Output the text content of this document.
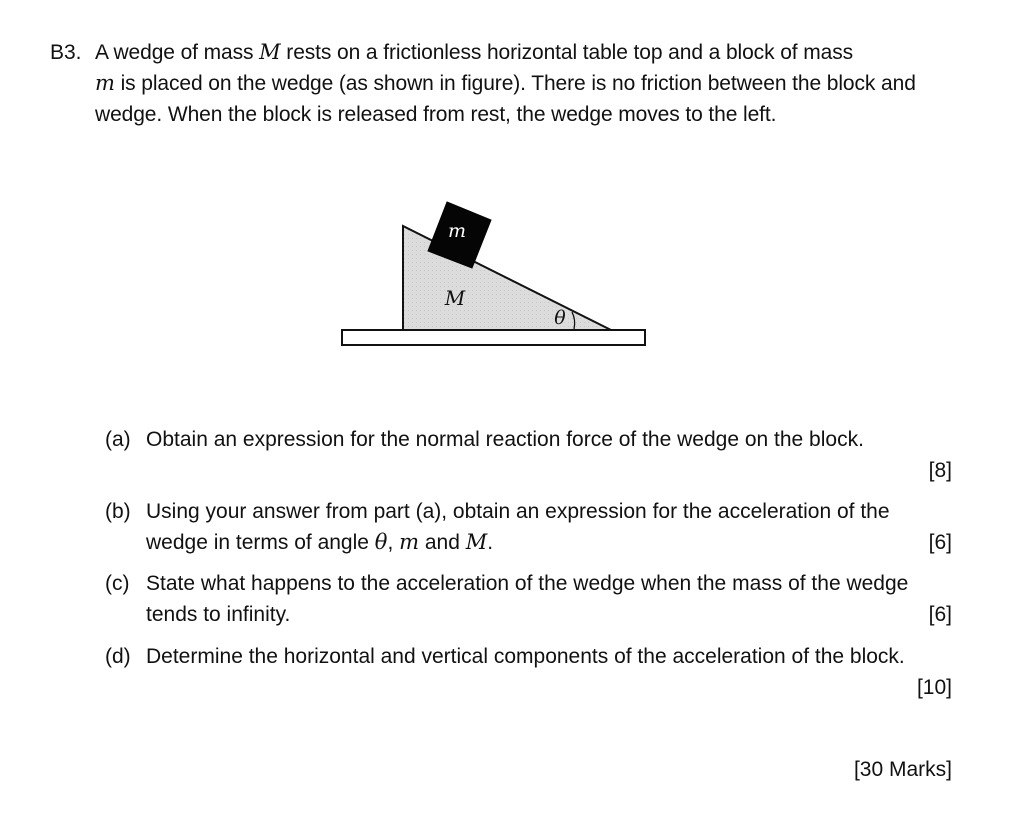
B3. A wedge of mass M rests on a frictionless horizontal table top and a block of mass
m is placed on the wedge (as shown in figure). There is no friction between the block and wedge. When the block is released from rest, the wedge moves to the left.
m
M
θ
(a) Obtain an expression for the normal reaction force of the wedge on the block.
[8]
(b) Using your answer from part (a), obtain an expression for the acceleration of the wedge in terms of angle θ, m and M.	[6]
(c) State what happens to the acceleration of the wedge when the mass of the wedge tends to infinity.	[6]
(d) Determine the horizontal and vertical components of the acceleration of the block.
[10]
[30 Marks]
